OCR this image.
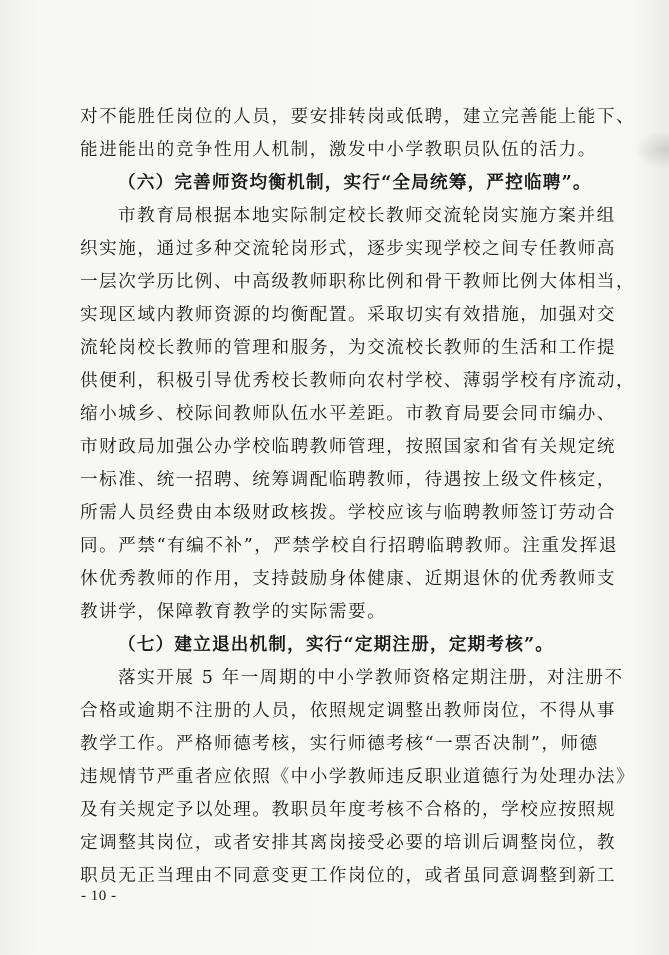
对不能胜任岗位的人员，要安排转岗或低聘，建立完善能上能下、
能进能出的竞争性用人机制，激发中小学教职员队伍的活力。
（六）完善师资均衡机制，实行“全局统筹，严控临聘”。
市教育局根据本地实际制定校长教师交流轮岗实施方案并组
织实施，通过多种交流轮岗形式，逐步实现学校之间专任教师高
一层次学历比例、中高级教师职称比例和骨干教师比例大体相当，
实现区域内教师资源的均衡配置。采取切实有效措施，加强对交
流轮岗校长教师的管理和服务，为交流校长教师的生活和工作提
供便利，积极引导优秀校长教师向农村学校、薄弱学校有序流动，
缩小城乡、校际间教师队伍水平差距。市教育局要会同市编办、
市财政局加强公办学校临聘教师管理，按照国家和省有关规定统
一标准、统一招聘、统筹调配临聘教师，待遇按上级文件核定，
所需人员经费由本级财政核拨。学校应该与临聘教师签订劳动合
同。严禁“有编不补”，严禁学校自行招聘临聘教师。注重发挥退
休优秀教师的作用，支持鼓励身体健康、近期退休的优秀教师支
教讲学，保障教育教学的实际需要。
（七）建立退出机制，实行“定期注册，定期考核”。
落实开展 5 年一周期的中小学教师资格定期注册，对注册不
合格或逾期不注册的人员，依照规定调整出教师岗位，不得从事
教学工作。严格师德考核，实行师德考核“一票否决制”，师德
违规情节严重者应依照《中小学教师违反职业道德行为处理办法》
及有关规定予以处理。教职员年度考核不合格的，学校应按照规
定调整其岗位，或者安排其离岗接受必要的培训后调整岗位，教
职员无正当理由不同意变更工作岗位的，或者虽同意调整到新工
- 10 -
